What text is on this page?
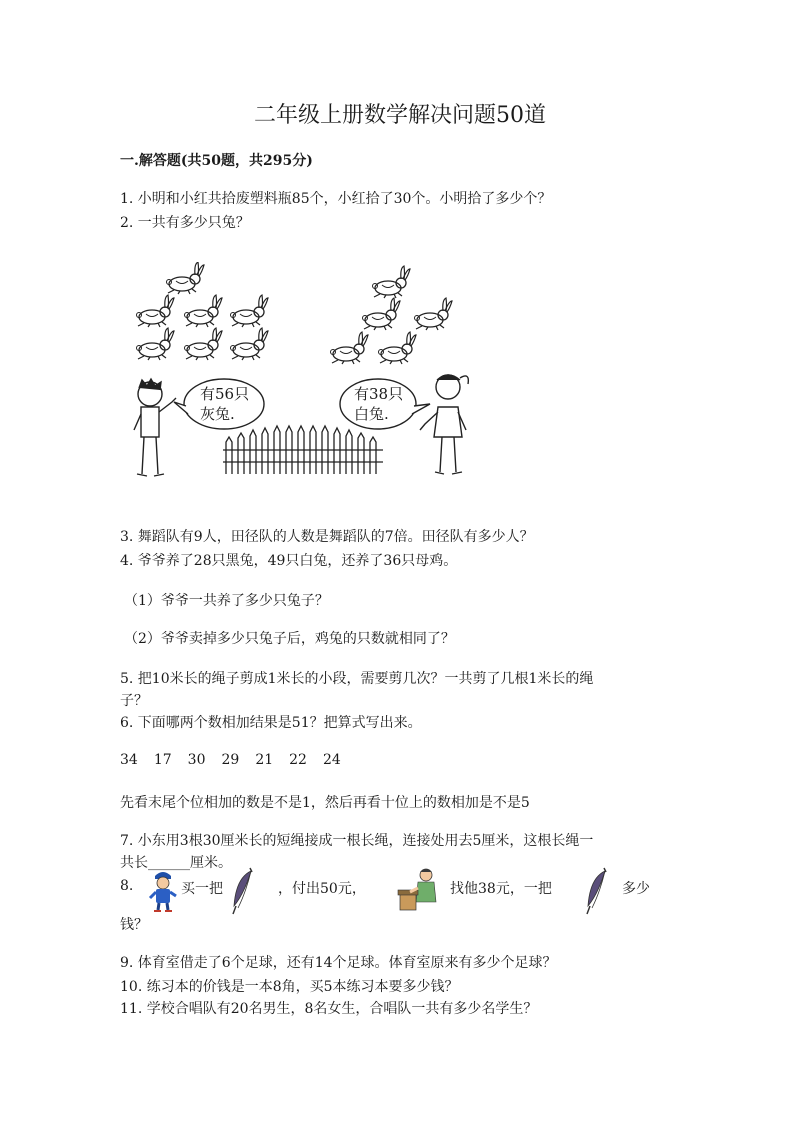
二年级上册数学解决问题50道
一.解答题(共50题，共295分)
1. 小明和小红共拾废塑料瓶85个，小红拾了30个。小明拾了多少个？
2. 一共有多少只兔？
有56只
灰兔.
有38只
白兔.
3. 舞蹈队有9人，田径队的人数是舞蹈队的7倍。田径队有多少人？
4. 爷爷养了28只黑兔，49只白兔，还养了36只母鸡。
（1）爷爷一共养了多少只兔子？
（2）爷爷卖掉多少只兔子后，鸡兔的只数就相同了？
5. 把10米长的绳子剪成1米长的小段，需要剪几次？一共剪了几根1米长的绳
子？
6. 下面哪两个数相加结果是51？把算式写出来。
34 17 30 29 21 22 24
先看末尾个位相加的数是不是1，然后再看十位上的数相加是不是5
7. 小东用3根30厘米长的短绳接成一根长绳，连接处用去5厘米，这根长绳一
共长______厘米。
8.	买一把	，付出50元，	找他38元，一把	多少
钱？
9. 体育室借走了6个足球，还有14个足球。体育室原来有多少个足球？
10. 练习本的价钱是一本8角，买5本练习本要多少钱？
11. 学校合唱队有20名男生，8名女生，合唱队一共有多少名学生？
